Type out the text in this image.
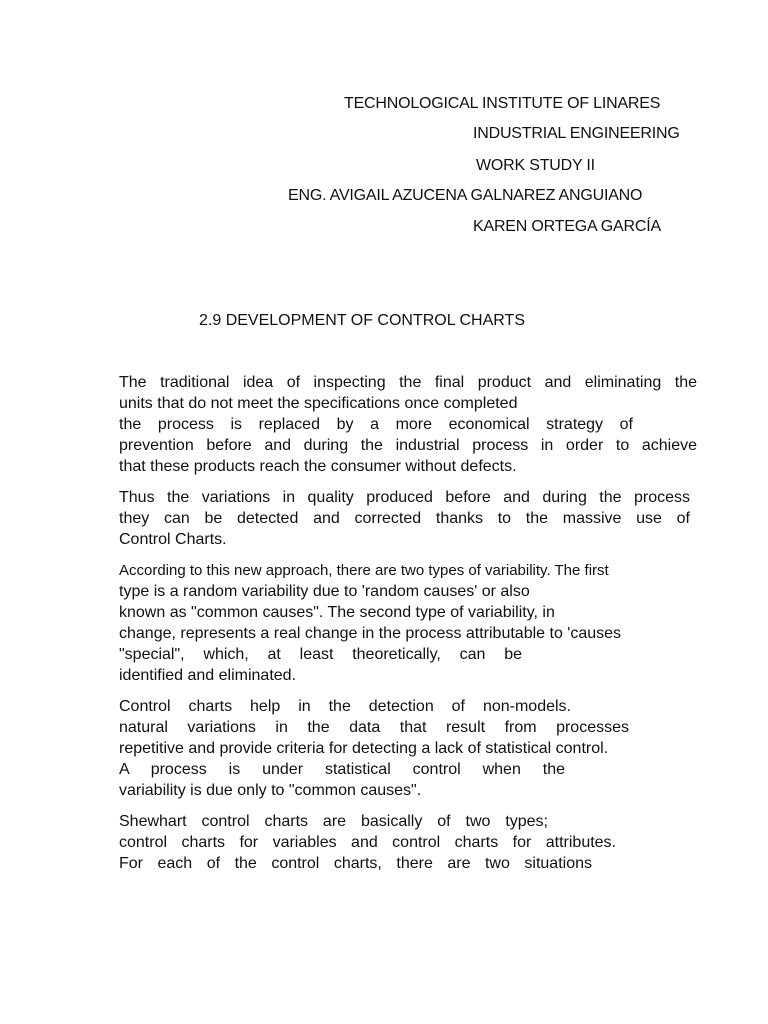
TECHNOLOGICAL INSTITUTE OF LINARES
INDUSTRIAL ENGINEERING
WORK STUDY II
ENG. AVIGAIL AZUCENA GALNAREZ ANGUIANO
KAREN ORTEGA GARCÍA
2.9 DEVELOPMENT OF CONTROL CHARTS
The traditional idea of inspecting the final product and eliminating the
units that do not meet the specifications once completed
the process is replaced by a more economical strategy of
prevention before and during the industrial process in order to achieve
that these products reach the consumer without defects.
Thus the variations in quality produced before and during the process
they can be detected and corrected thanks to the massive use of
Control Charts.
According to this new approach, there are two types of variability. The first
type is a random variability due to 'random causes' or also
known as "common causes". The second type of variability, in
change, represents a real change in the process attributable to 'causes
"special", which, at least theoretically, can be
identified and eliminated.
Control charts help in the detection of non-models.
natural variations in the data that result from processes
repetitive and provide criteria for detecting a lack of statistical control.
A process is under statistical control when the
variability is due only to "common causes".
Shewhart control charts are basically of two types;
control charts for variables and control charts for attributes.
For each of the control charts, there are two situations
